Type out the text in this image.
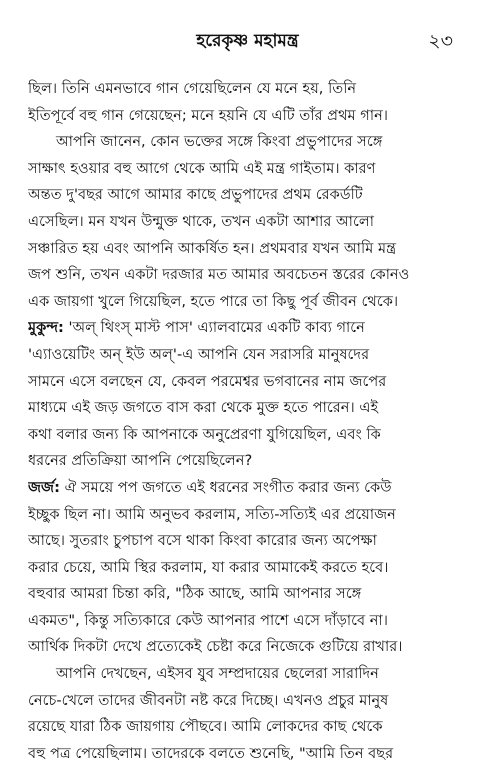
হরেকৃষ্ণ মহামন্ত্র	২৩
ছিল। তিনি এমনভাবে গান গেয়েছিলেন যে মনে হয়, তিনি
ইতিপূর্বে বহু গান গেয়েছেন; মনে হয়নি যে এটি তাঁর প্রথম গান।
আপনি জানেন, কোন ভক্তের সঙ্গে কিংবা প্রভুপাদের সঙ্গে
সাক্ষাৎ হওয়ার বহু আগে থেকে আমি এই মন্ত্র গাইতাম। কারণ
অন্তত দু'বছর আগে আমার কাছে প্রভুপাদের প্রথম রেকর্ডটি
এসেছিল। মন যখন উন্মুক্ত থাকে, তখন একটা আশার আলো
সঞ্চারিত হয় এবং আপনি আকর্ষিত হন। প্রথমবার যখন আমি মন্ত্র
জপ শুনি, তখন একটা দরজার মত আমার অবচেতন স্তরের কোনও
এক জায়গা খুলে গিয়েছিল, হতে পারে তা কিছু পূর্ব জীবন থেকে।
মুকুন্দ: 'অল্ থিংস্ মাস্ট পাস' এ্যালবামের একটি কাব্য গানে
'এ্যাওয়েটিং অন্ ইউ অল্'-এ আপনি যেন সরাসরি মানুষদের
সামনে এসে বলছেন যে, কেবল পরমেশ্বর ভগবানের নাম জপের
মাধ্যমে এই জড় জগতে বাস করা থেকে মুক্ত হতে পারেন। এই
কথা বলার জন্য কি আপনাকে অনুপ্রেরণা যুগিয়েছিল, এবং কি
ধরনের প্রতিক্রিয়া আপনি পেয়েছিলেন?
জর্জ: ঐ সময়ে পপ জগতে এই ধরনের সংগীত করার জন্য কেউ
ইচ্ছুক ছিল না। আমি অনুভব করলাম, সত্যি-সত্যিই এর প্রয়োজন
আছে। সুতরাং চুপচাপ বসে থাকা কিংবা কারোর জন্য অপেক্ষা
করার চেয়ে, আমি স্থির করলাম, যা করার আমাকেই করতে হবে।
বহুবার আমরা চিন্তা করি, "ঠিক আছে, আমি আপনার সঙ্গে
একমত", কিন্তু সত্যিকারে কেউ আপনার পাশে এসে দাঁড়াবে না।
আর্থিক দিকটা দেখে প্রত্যেকেই চেষ্টা করে নিজেকে গুটিয়ে রাখার।
আপনি দেখছেন, এইসব যুব সম্প্রদায়ের ছেলেরা সারাদিন
নেচে-খেলে তাদের জীবনটা নষ্ট করে দিচ্ছে। এখনও প্রচুর মানুষ
রয়েছে যারা ঠিক জায়গায় পৌছবে। আমি লোকদের কাছ থেকে
বহু পত্র পেয়েছিলাম। তাদেরকে বলতে শুনেছি, "আমি তিন বছর
